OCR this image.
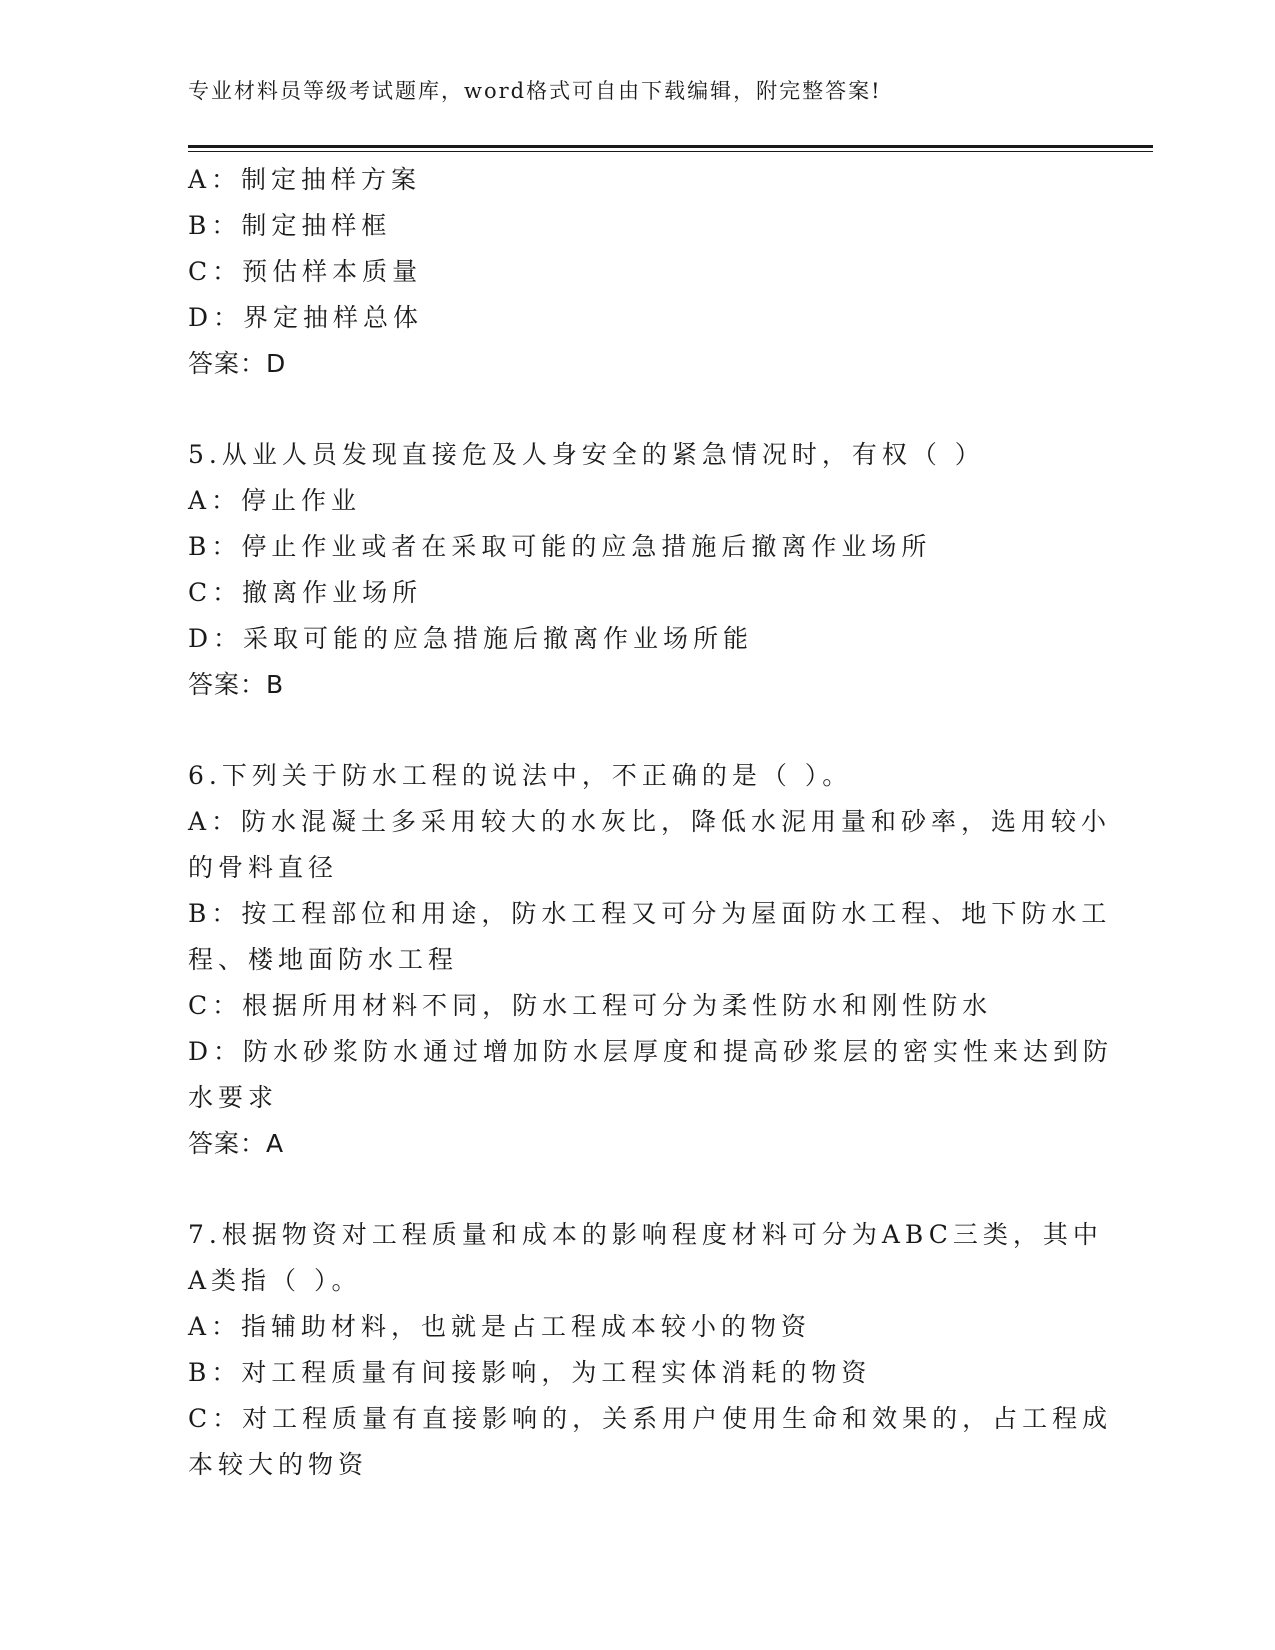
专业材料员等级考试题库，word格式可自由下载编辑，附完整答案!
A：制定抽样方案
B：制定抽样框
C：预估样本质量
D：界定抽样总体
答案：D
5.从业人员发现直接危及人身安全的紧急情况时，有权（ ）
A：停止作业
B：停止作业或者在采取可能的应急措施后撤离作业场所
C：撤离作业场所
D：采取可能的应急措施后撤离作业场所能
答案：B
6.下列关于防水工程的说法中，不正确的是（ ）。
A：防水混凝土多采用较大的水灰比，降低水泥用量和砂率，选用较小
的骨料直径
B：按工程部位和用途，防水工程又可分为屋面防水工程、地下防水工
程、楼地面防水工程
C：根据所用材料不同，防水工程可分为柔性防水和刚性防水
D：防水砂浆防水通过增加防水层厚度和提高砂浆层的密实性来达到防
水要求
答案：A
7.根据物资对工程质量和成本的影响程度材料可分为ABC三类，其中
A类指（ ）。
A：指辅助材料，也就是占工程成本较小的物资
B：对工程质量有间接影响，为工程实体消耗的物资
C：对工程质量有直接影响的，关系用户使用生命和效果的，占工程成
本较大的物资
